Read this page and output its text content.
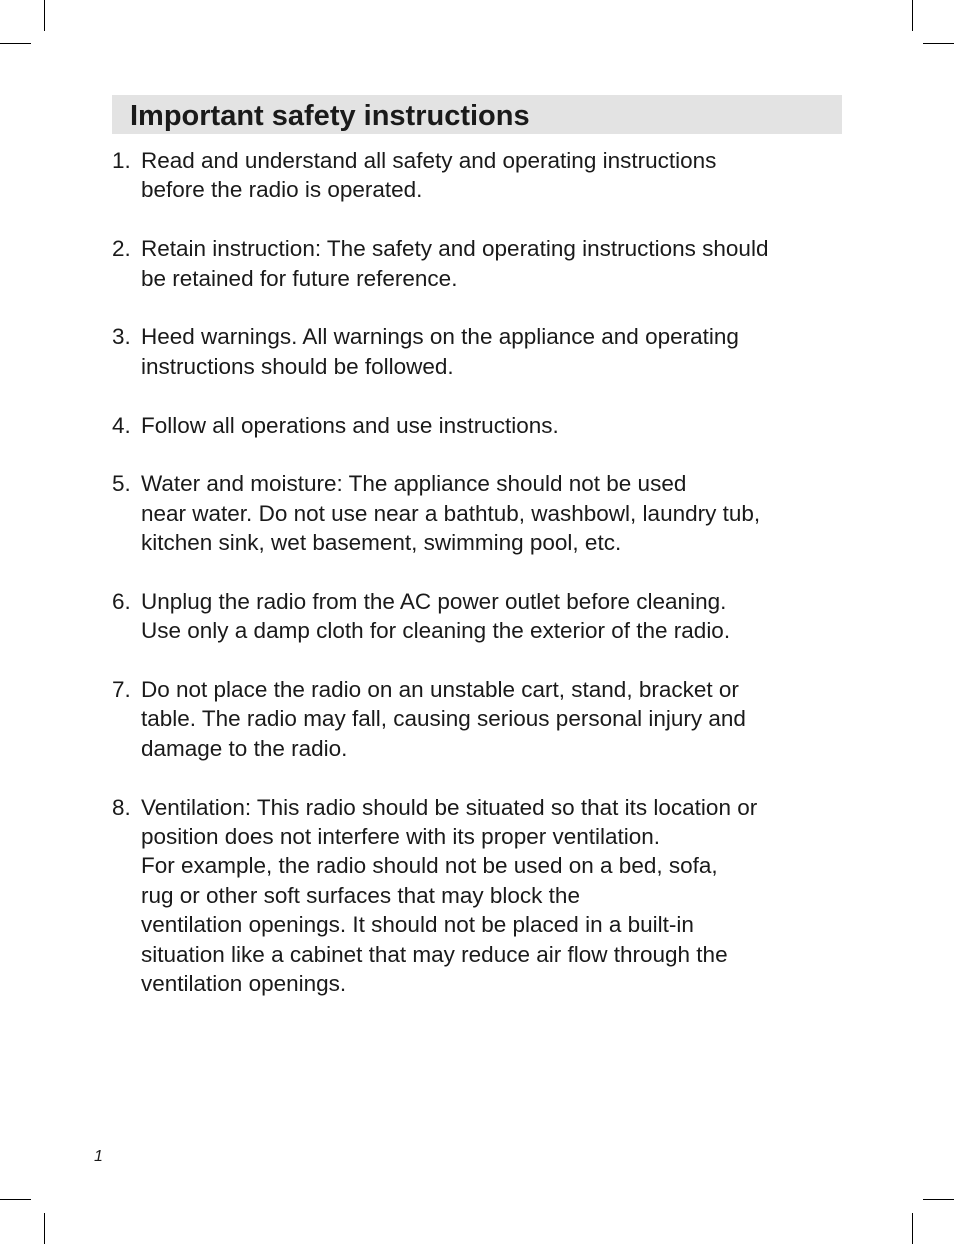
Important safety instructions
1. Read and understand all safety and operating instructions
before the radio is operated.
2. Retain instruction: The safety and operating instructions should
be retained for future reference.
3. Heed warnings. All warnings on the appliance and operating
instructions should be followed.
4. Follow all operations and use instructions.
5. Water and moisture: The appliance should not be used
near water. Do not use near a bathtub, washbowl, laundry tub,
kitchen sink, wet basement, swimming pool, etc.
6. Unplug the radio from the AC power outlet before cleaning.
Use only a damp cloth for cleaning the exterior of the radio.
7. Do not place the radio on an unstable cart, stand, bracket or
table. The radio may fall, causing serious personal injury and
damage to the radio.
8. Ventilation: This radio should be situated so that its location or
position does not interfere with its proper ventilation.
For example, the radio should not be used on a bed, sofa,
rug or other soft surfaces that may block the
ventilation openings. It should not be placed in a built-in
situation like a cabinet that may reduce air flow through the
ventilation openings.
1
